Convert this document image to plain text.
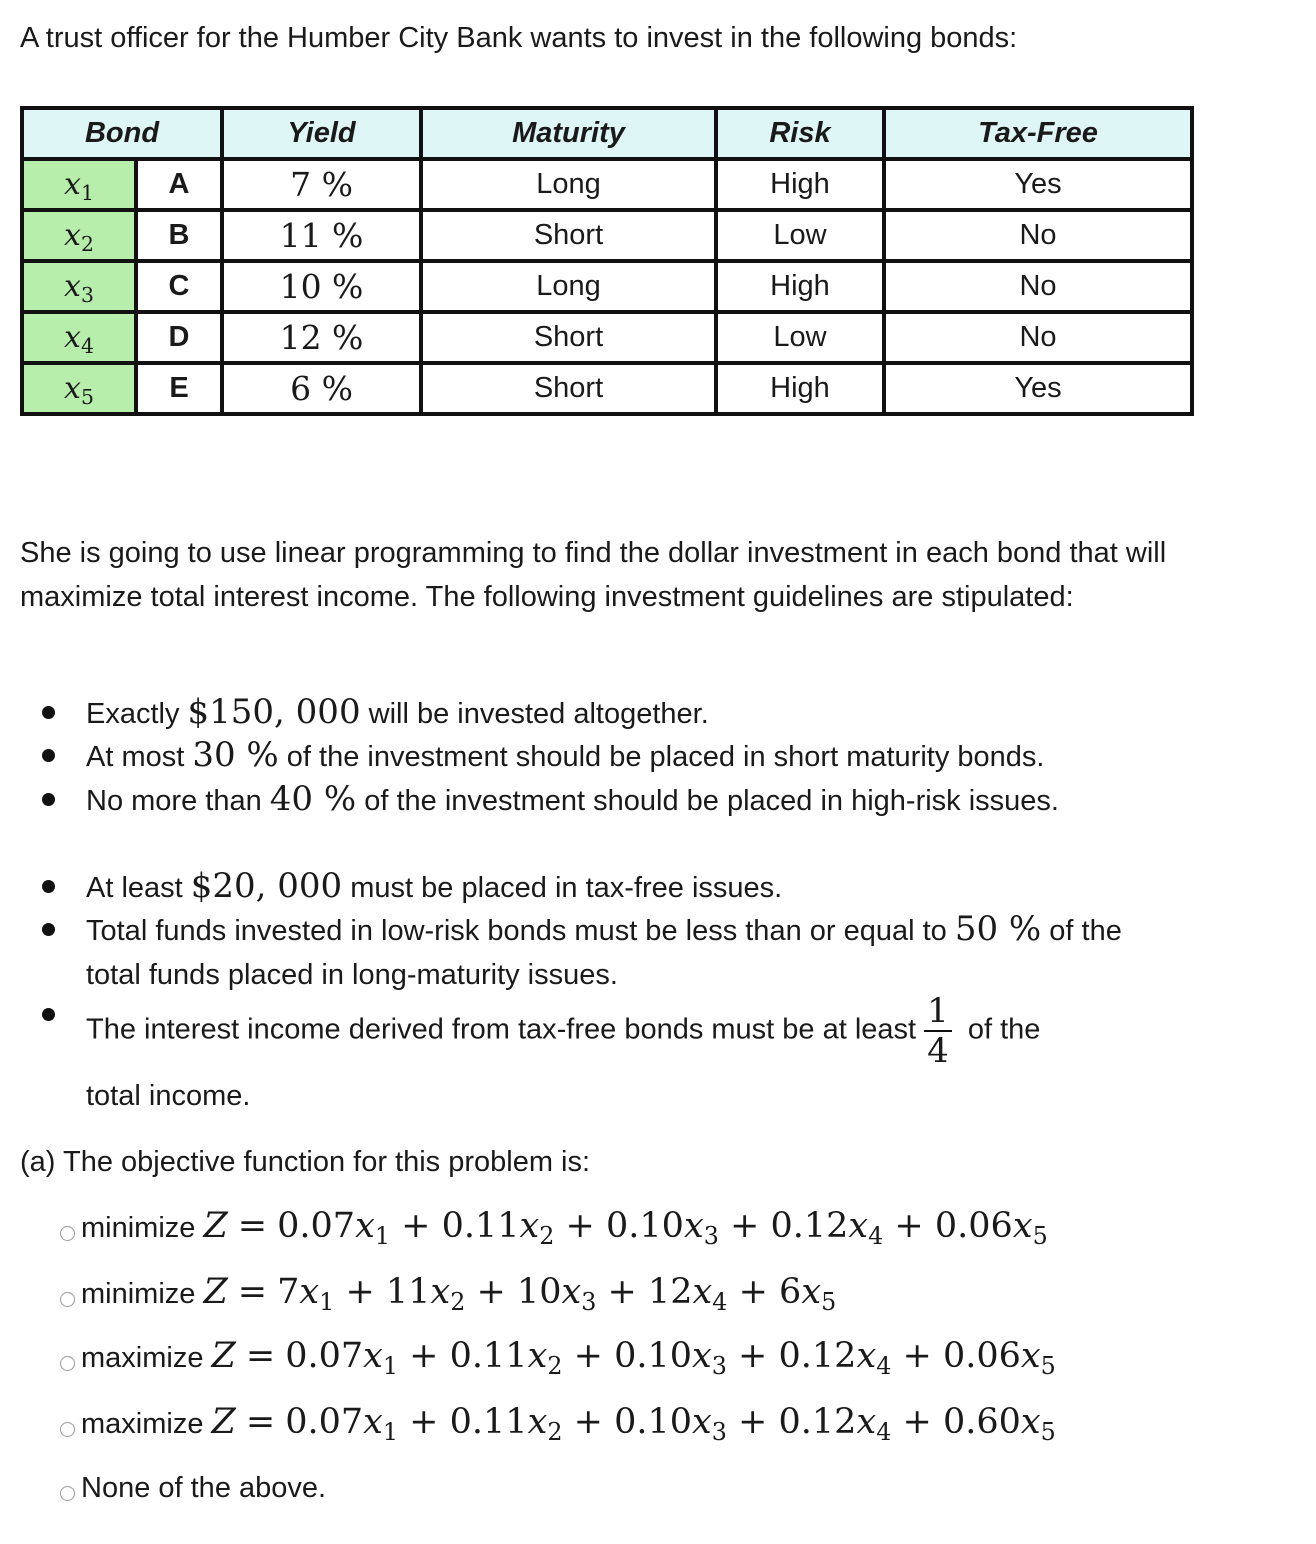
A trust officer for the Humber City Bank wants to invest in the following bonds:

Bond		Yield	Maturity	Risk	Tax-Free
$x_1$	A	7 %	Long	High	Yes
$x_2$	B	11 %	Short	Low	No
$x_3$	C	10 %	Long	High	No
$x_4$	D	12 %	Short	Low	No
$x_5$	E	6 %	Short	High	Yes

She is going to use linear programming to find the dollar investment in each bond that will maximize total interest income. The following investment guidelines are stipulated:

Exactly $150, 000 will be invested altogether.
At most 30 % of the investment should be placed in short maturity bonds.
No more than 40 % of the investment should be placed in high-risk issues.
At least $20, 000 must be placed in tax-free issues.
Total funds invested in low-risk bonds must be less than or equal to 50 % of the total funds placed in long-maturity issues.
The interest income derived from tax-free bonds must be at least $\frac{1}{4}$ of the
total income.

(a) The objective function for this problem is:

minimize $Z = 0.07x_1 + 0.11x_2 + 0.10x_3 + 0.12x_4 + 0.06x_5$
minimize $Z = 7x_1 + 11x_2 + 10x_3 + 12x_4 + 6x_5$
maximize $Z = 0.07x_1 + 0.11x_2 + 0.10x_3 + 0.12x_4 + 0.06x_5$
maximize $Z = 0.07x_1 + 0.11x_2 + 0.10x_3 + 0.12x_4 + 0.60x_5$
None of the above.
